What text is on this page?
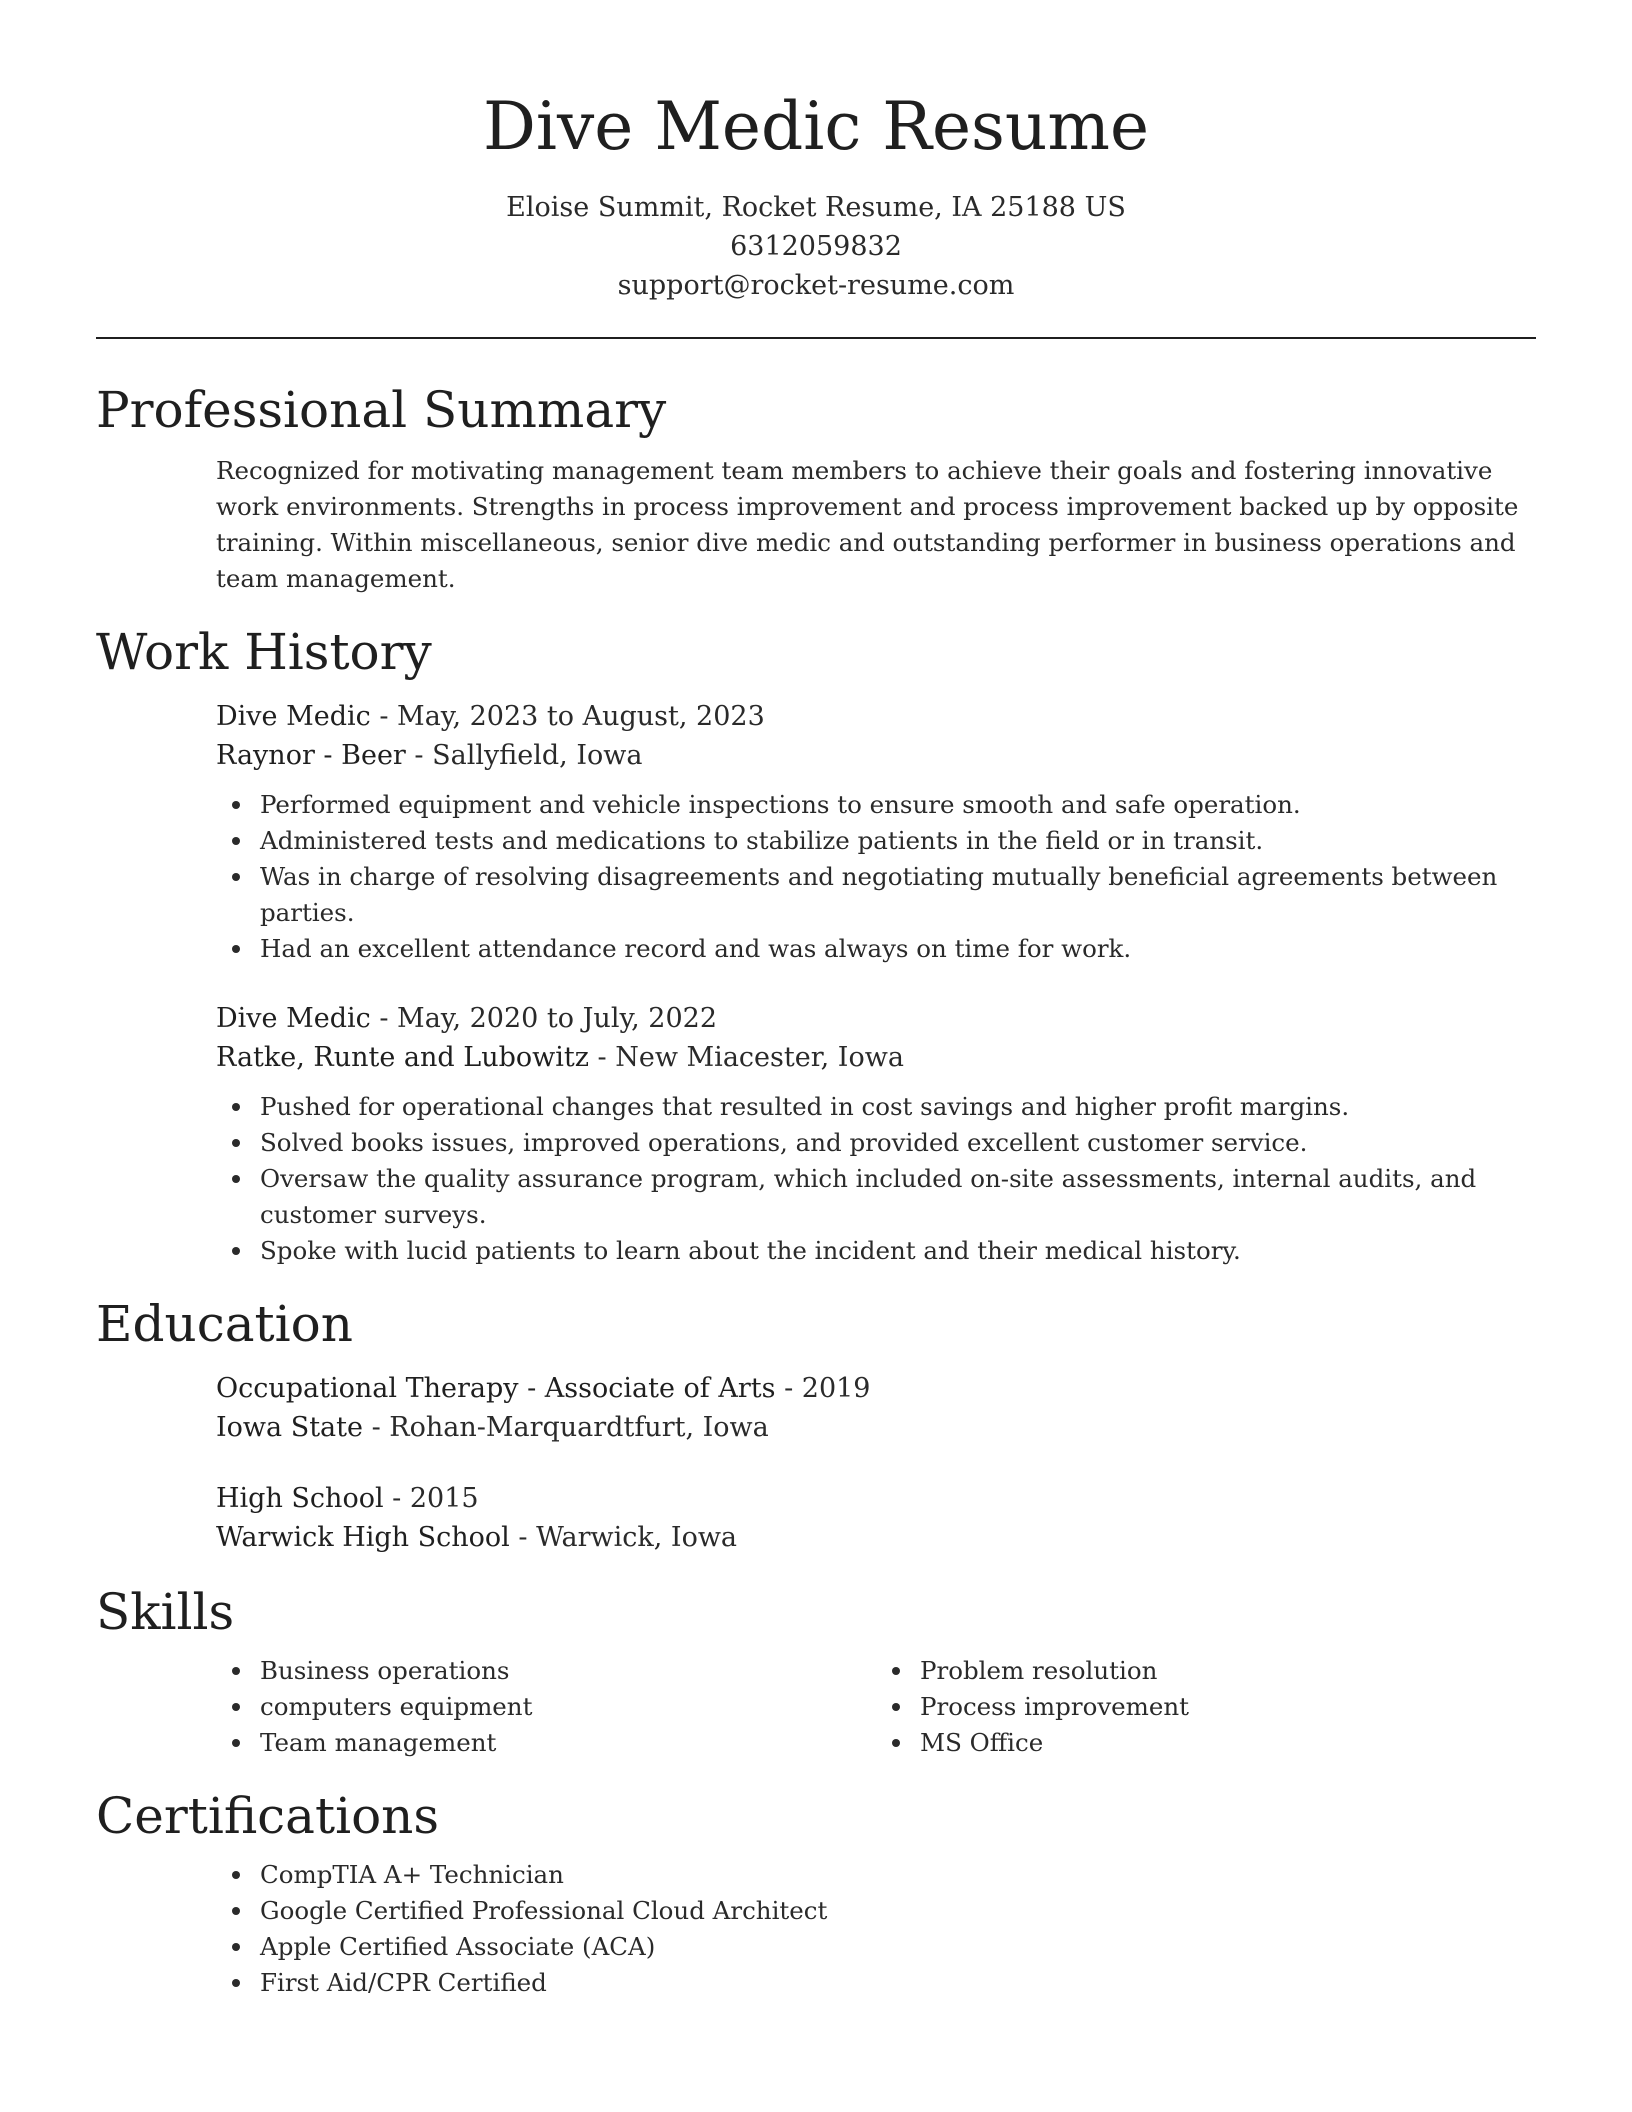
Dive Medic Resume
Eloise Summit, Rocket Resume, IA 25188 US
6312059832
support@rocket-resume.com
Professional Summary

Recognized for motivating management team members to achieve their goals and fostering innovative work environments. Strengths in process improvement and process improvement backed up by opposite training. Within miscellaneous, senior dive medic and outstanding performer in business operations and team management.

Work History
Dive Medic - May, 2023 to August, 2023
Raynor - Beer - Sallyfield, Iowa
Performed equipment and vehicle inspections to ensure smooth and safe operation.
Administered tests and medications to stabilize patients in the field or in transit.
Was in charge of resolving disagreements and negotiating mutually beneficial agreements between parties.
Had an excellent attendance record and was always on time for work.
Dive Medic - May, 2020 to July, 2022
Ratke, Runte and Lubowitz - New Miacester, Iowa
Pushed for operational changes that resulted in cost savings and higher profit margins.
Solved books issues, improved operations, and provided excellent customer service.
Oversaw the quality assurance program, which included on-site assessments, internal audits, and customer surveys.
Spoke with lucid patients to learn about the incident and their medical history.
Education
Occupational Therapy - Associate of Arts - 2019
Iowa State - Rohan-Marquardtfurt, Iowa
High School - 2015
Warwick High School - Warwick, Iowa
Skills
Business operations
computers equipment
Team management
Problem resolution
Process improvement
MS Office
Certifications
CompTIA A+ Technician
Google Certified Professional Cloud Architect
Apple Certified Associate (ACA)
First Aid/CPR Certified
